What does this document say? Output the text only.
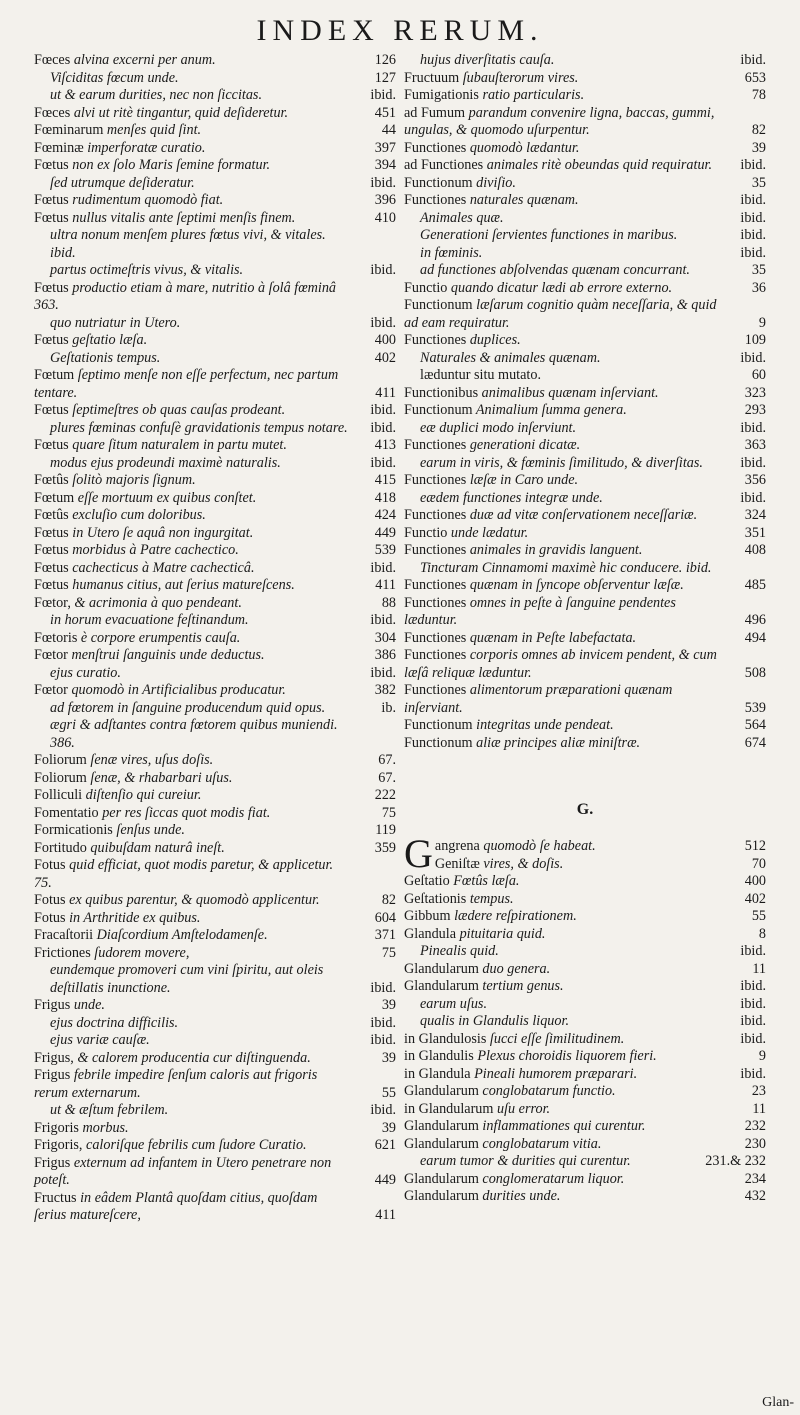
INDEX RERUM.
Fœces alvina excerni per anum.	126
Viſciditas fœcum unde.	127
ut & earum durities, nec non ſiccitas.	ibid.
Fœces alvi ut ritè tingantur, quid deſideretur.	451
Fœminarum menſes quid ſint.	44
Fœminæ imperforatæ curatio.	397
Fœtus non ex ſolo Maris ſemine formatur.	394
ſed utrumque deſideratur.	ibid.
Fœtus rudimentum quomodò fiat.	396
Fœtus nullus vitalis ante ſeptimi menſis finem.	410
ultra nonum menſem plures fœtus vivi, & vitales. ibid.
partus octimeſtris vivus, & vitalis.	ibid.
Fœtus productio etiam à mare, nutritio à ſolâ fœminâ 363.
quo nutriatur in Utero.	ibid.
Fœtus geſtatio læſa.	400
Geſtationis tempus.	402
Fœtum ſeptimo menſe non eſſe perfectum, nec partum tentare.	411
Fœtus ſeptimeſtres ob quas cauſas prodeant.	ibid.
plures fœminas confuſè gravidationis tempus notare. ibid.
Fœtus quare ſitum naturalem in partu mutet.	413
modus ejus prodeundi maximè naturalis.	ibid.
Fœtûs ſolitò majoris ſignum.	415
Fœtum eſſe mortuum ex quibus conſtet.	418
Fœtûs excluſio cum doloribus.	424
Fœtus in Utero ſe aquâ non ingurgitat.	449
Fœtus morbidus à Patre cachectico.	539
Fœtus cachecticus à Matre cachecticâ.	ibid.
Fœtus humanus citius, aut ſerius matureſcens.	411
Fœtor, & acrimonia à quo pendeant.	88
in horum evacuatione feſtinandum.	ibid.
Fœtoris è corpore erumpentis cauſa.	304
Fœtor menſtrui ſanguinis unde deductus.	386
ejus curatio.	ibid.
Fœtor quomodò in Artificialibus producatur.	382
ad fœtorem in ſanguine producendum quid opus.	ib.
ægri & adſtantes contra fœtorem quibus muniendi. 386.
Foliorum ſenæ vires, uſus doſis.	67.
Foliorum ſenæ, & rhabarbari uſus.	67.
Folliculi diſtenſio qui cureiur.	222
Fomentatio per res ſiccas quot modis fiat.	75
Formicationis ſenſus unde.	119
Fortitudo quibuſdam naturâ ineſt.	359
Fotus quid efficiat, quot modis paretur, & applicetur. 75.
Fotus ex quibus parentur, & quomodò applicentur.	82
Fotus in Arthritide ex quibus.	604
Fracaſtorii Diaſcordium Amſtelodamenſe.	371
Frictiones ſudorem movere,	75
eundemque promoveri cum vini ſpiritu, aut oleis deſtillatis inunctione.	ibid.
Frigus unde.	39
ejus doctrina difficilis.	ibid.
ejus variæ cauſæ.	ibid.
Frigus, & calorem producentia cur diſtinguenda.	39
Frigus febrile impedire ſenſum caloris aut frigoris rerum externarum.	55
ut & æſtum febrilem.	ibid.
Frigoris morbus.	39
Frigoris, caloriſque febrilis cum ſudore Curatio.	621
Frigus externum ad infantem in Utero penetrare non poteſt.	449
Fructus in eâdem Plantâ quoſdam citius, quoſdam ſerius matureſcere,	411
hujus diverſitatis cauſa.	ibid.
Fructuum ſubauſterorum vires.	653
Fumigationis ratio particularis.	78
ad Fumum parandum convenire ligna, baccas, gummi, ungulas, & quomodo uſurpentur.	82
Functiones quomodò lædantur.	39
ad Functiones animales ritè obeundas quid requiratur. ibid.
Functionum diviſio.	35
Functiones naturales quænam.	ibid.
Animales quæ.	ibid.
Generationi ſervientes functiones in maribus.	ibid.
in fœminis.	ibid.
ad functiones abſolvendas quænam concurrant.	35
Functio quando dicatur lædi ab errore externo.	36
Functionum læſarum cognitio quàm neceſſaria, & quid ad eam requiratur.	9
Functiones duplices.	109
Naturales & animales quænam.	ibid.
læduntur situ mutato.	60
Functionibus animalibus quænam inſerviant.	323
Functionum Animalium ſumma genera.	293
eæ duplici modo inſerviunt.	ibid.
Functiones generationi dicatæ.	363
earum in viris, & fœminis ſimilitudo, & diverſitas.	ibid.
Functiones læſæ in Caro unde.	356
eædem functiones integræ unde.	ibid.
Functiones duæ ad vitæ conſervationem neceſſariæ.	324
Functio unde lædatur.	351
Functiones animales in gravidis languent.	408
Tincturam Cinnamomi maximè hic conducere. ibid.
Functiones quænam in ſyncope obſerventur læſæ.	485
Functiones omnes in peſte à ſanguine pendentes læduntur.	496
Functiones quænam in Peſte labefactata.	494
Functiones corporis omnes ab invicem pendent, & cum læſâ reliquæ læduntur.	508
Functiones alimentorum præparationi quænam inſerviant.	539
Functionum integritas unde pendeat.	564
Functionum aliæ principes aliæ miniſtræ.	674
G.
Gangrena quomodò ſe habeat.	512
Geniſtæ vires, & doſis.	70
Geſtatio Fœtûs læſa.	400
Geſtationis tempus.	402
Gibbum lædere reſpirationem.	55
Glandula pituitaria quid.	8
Pinealis quid.	ibid.
Glandularum duo genera.	11
Glandularum tertium genus.	ibid.
earum uſus.	ibid.
qualis in Glandulis liquor.	ibid.
in Glandulosis ſucci eſſe ſimilitudinem.	ibid.
in Glandulis Plexus choroidis liquorem fieri.	9
in Glandula Pineali humorem præparari.	ibid.
Glandularum conglobatarum functio.	23
in Glandularum uſu error.	11
Glandularum inflammationes qui curentur.	232
Glandularum conglobatarum vitia.	230
earum tumor & durities qui curentur.	231.& 232
Glandularum conglomeratarum liquor.	234
Glandularum durities unde.	432
Glan-
